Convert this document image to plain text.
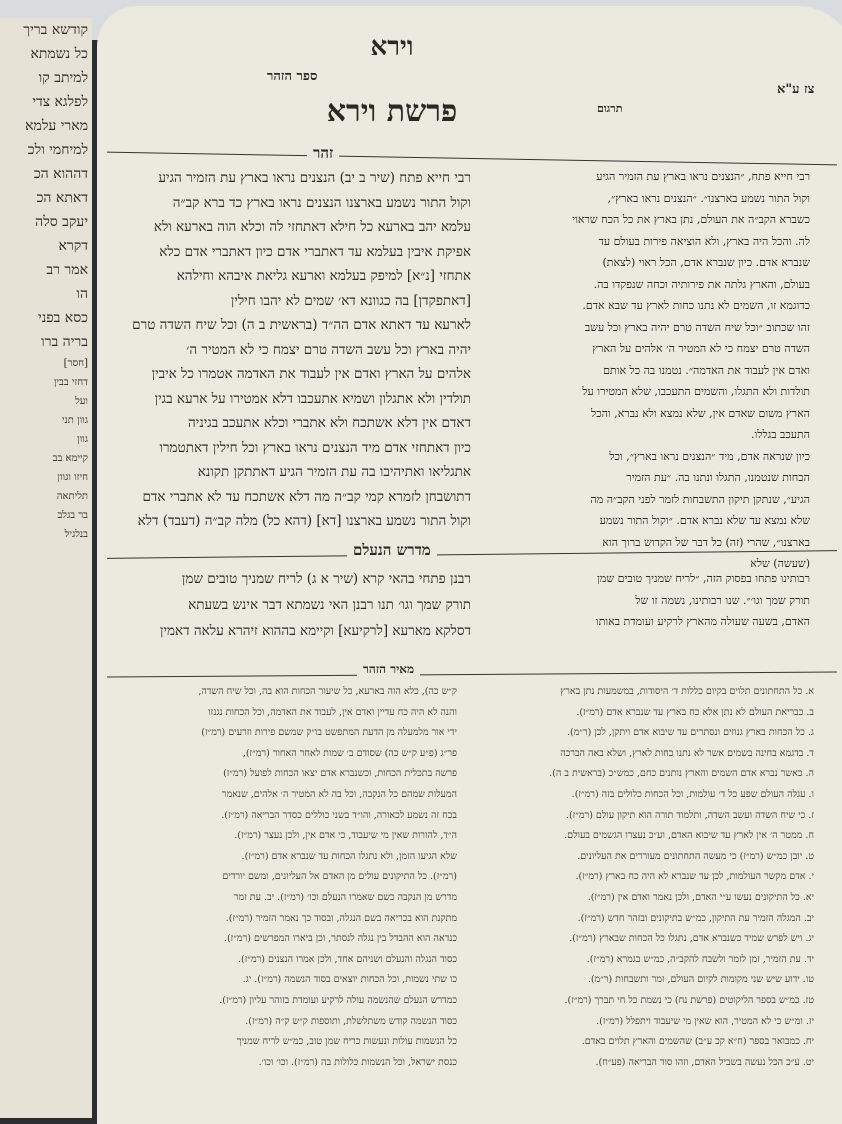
קודשא בריך
כל נשמתא
למיתב קו
לפלגא צדי
מארי עלמא
למיחמי ולכ
דההוא הכ
דאתא הכ
יעקב סלה
דקרא
אמר רב
הו
כסא בפני
בריה ברו
[חסר]
דחזי בבין
ועל
גוון תני
גוון
קיימא בב
חיזו וגוון
תליתאה
בר בגלב
בנלגיל
וירא
ספר הזהר
צז ע"א
תרגום
פרשת וירא
זהר
רבי חייא פתח (שיר ב יב) הנצנים נראו בארץ עת הזמיר הגיע
וקול התור נשמע בארצנו הנצנים נראו בארץ כד ברא קב״ה
עלמא יהב בארעא כל חילא דאתחזי לה וכלא הוה בארעא ולא
אפיקת איבין בעלמא עד דאתברי אדם כיון דאתברי אדם כלא
אתחזי [נ״א] למיפק בעלמא וארעא גליאת איבהא וחילהא
[דאתפקדן] בה כגוונא דא׳ שמים לא יהבו חילין
לארעא עד דאתא אדם הה״ד (בראשית ב ה) וכל שיח השדה טרם
יהיה בארץ וכל עשב השדה טרם יצמח כי לא המטיר ה׳
אלהים על הארץ ואדם אין לעבוד את האדמה אטמרו כל איבין
תולדין ולא אתגלון ושמיא אתעכבו דלא אמטירו על ארעא בגין
דאדם אין דלא אשתכח ולא אתברי וכלא אתעכב בגיניה
כיון דאתחזי אדם מיד הנצנים נראו בארץ וכל חילין דאתטמרו
אתגליאו ואתיהיבו בה עת הזמיר הגיע דאתתקן תקונא
דתושבחן לזמרא קמי קב״ה מה דלא אשתכח עד לא אתברי אדם
וקול התור נשמע בארצנו [דא] (דהא כל) מלה קב״ה (דעבד) דלא
רבי חייא פתח, ״הנצנים נראו בארץ עת הזמיר הגיע
וקול התור נשמע בארצנו״. ״הנצנים נראו בארץ״,
כשברא הקב״ה את העולם, נתן בארץ את כל הכח שראוי
לה. והכל היה בארץ, ולא הוציאה פירות בעולם עד
שנברא אדם. כיון שנברא אדם, הכל ראוי (לצאת)
בעולם, והארץ גלתה את פירותיה וכחה שנפקדו בה.
כדוגמא זו, השמים לא נתנו כחות לארץ עד שבא אדם.
זהו שכתוב ״וכל שיח השדה טרם יהיה בארץ וכל עשב
השדה טרם יצמח כי לא המטיר ה׳ אלהים על הארץ
ואדם אין לעבוד את האדמה״. נטמנו בה כל אותם
תולדות ולא התגלו, והשמים התעכבו, שלא המטירו על
הארץ משום שאדם אין, שלא נמצא ולא נברא, והכל
התעכב בגללו.
כיון שנראה אדם, מיד ״הנצנים נראו בארץ״, וכל
הכחות שנטמנו, התגלו ונתנו בה. ״עת הזמיר
הגיע״, שנתקן תיקון התשבחות לזמר לפני הקב״ה מה
שלא נמצא עד שלא נברא אדם. ״וקול התור נשמע
בארצנו״, שהרי (זה) כל דבר של הקדוש ברוך הוא
(שעשה) שלא
מדרש הנעלם
רבנן פתחי בהאי קרא (שיר א ג) לריח שמניך טובים שמן
תורק שמך וגו׳ תנו רבנן האי נשמתא דבר אינש בשעתא
דסלקא מארעא [לרקיעא] וקיימא בההוא זיהרא עלאה דאמין
רבותינו פתחו בפסוק הזה, ״לריח שמניך טובים שמן
תורק שמך וגו׳״. שנו רבותינו, נשמה זו של
האדם, בשעה שעולה מהארץ לרקיע ועומדת באותו
מאיר הזהר
ק״ש כה), כלא הוה בארעא, כל שיעור הכחות הוא בה, וכל שיח השדה,
והנה לא היה כח עדיין ואדם אין, לעבוד את האדמה, וכל הכחות נגנזו
ידי אור מלמעלה מן הדעת המתפשט בו״ק שמשם פירות וזרעים (רמ״ז)
פר״ג (פ״ע ק״ש כה) שסודם ב׳ שמות לאחר האחור (רמ״ז),
פרשה בתכלית הכחות, וכשנברא אדם יצאו הכחות לפועל (רמ״ז)
המעלות שמהם כל הנקבה, וכל בה לא המטיר ה׳ אלהים, שנאמר
בכח זה נשמע לכאורה, והו״ד בשני כוללים כסדר הבריאה (רמ״ז).
ה״ד, להורות שאין מי שיעבוד, כי אדם אין, ולכן נעצר (רמ״ז).
שלא הגיעו הזמן, ולא נתגלו הכחות עד שנברא אדם (רמ״ז).
(רמ״ז). כל התיקונים עולים מן האדם אל העליונים, ומשם יורדים
מדרש מן הנקבה כשם שאמרו הנעלם וכו׳ (רמ״ז). יב. עת זמר
מתקנת הוא בכריאה בשם הנגלה, ובסוד כך נאמר הזמיר (רמ״ז).
כנדאה הוא ההבדל בין נגלה לנסתר, וכן ביארו המפרשים (רמ״ז).
כסוד הנגלה והנעלם ושניהם אחד, ולכן אמרו הנצנים (רמ״ז).
כו שתי נשמות, וכל הכחות יוצאים בסוד הנשמה (רמ״ז). יג.
כמדרש הנעלם שהנשמה עולה לרקיע ועומדת בזוהר עליון (רמ״ז).
כסוד הנשמה קודש משתלשלת, ותוספות ק״ש ק״ה (רמ״ז).
כל הנשמות עולות ונעשות כריח שמן טוב, כמ״ש לריח שמניך
כנסת ישראל, וכל הנשמות כלולות בה (רמ״ז). וכו׳ וכו׳.
א. כל התחתונים תלוים בקיום כללות ד׳ היסודות, במשמעות נתן בארץ
ב. כבריאת העולם לא נתן אלא כח בארץ עד שנברא אדם (רמ״ז).
ג. כל הכחות בארץ גנוזים ונסתרים עד שיבוא אדם ויתקן, לכן (ר״מ).
ד. בדגמא בחינה בשמים אשר לא נתנו כחות לארץ, ושלא באה הברכה
ה. כאשר נברא אדם השמים והארץ נותנים כחם, כמש״כ (בראשית ב ה).
ו. עגלה העולם שפע כל ד׳ עולמות, וכל הכחות כלולים בזה (רמ״ז).
ז. כי שיח השדה ועשב השדה, ותלמוד תורה הוא תיקון עולם (רמ״ז).
ח. ממטר ה׳ אין לארץ עד שיבוא האדם, וע״כ נעצרו הגשמים בעולם.
ט. יובן כמ״ש (רמ״ז) כי מעשה התחתונים מעוררים את העליונים.
י. אדם מקשר העולמות, לכן עד שנברא לא היה כח בארץ (רמ״ז).
יא. כל התיקונים נעשו ע״י האדם, ולכן נאמר ואדם אין (רמ״ז).
יב. המגלה הזמיר עת התיקון, כמ״ש בתיקונים ובזהר חדש (רמ״ז).
יג. ויש לפרש שמיד כשנברא אדם, נתגלו כל הכחות שבארץ (רמ״ז).
יד. עת הזמיר, זמן לזמר ולשבח להקב״ה, כמ״ש בגמרא (רמ״ז).
טו. ידוע שיש שני מקומות לקיום העולם, זמר ותשבחות (ר״מ).
טז. כמ״ש בספר הליקוטים (פרשת נח) כי נשמת כל חי תברך (רמ״ז).
יז. ומ״ש כי לא המטיר, הוא שאין מי שיעבוד ויתפלל (רמ״ז).
יח. כמבואר בספר (ח״א קכ ע״ב) שהשמים והארץ תלוים באדם.
יט. ע״כ הכל נעשה בשביל האדם, וזהו סוד הבריאה (פע״ח).
